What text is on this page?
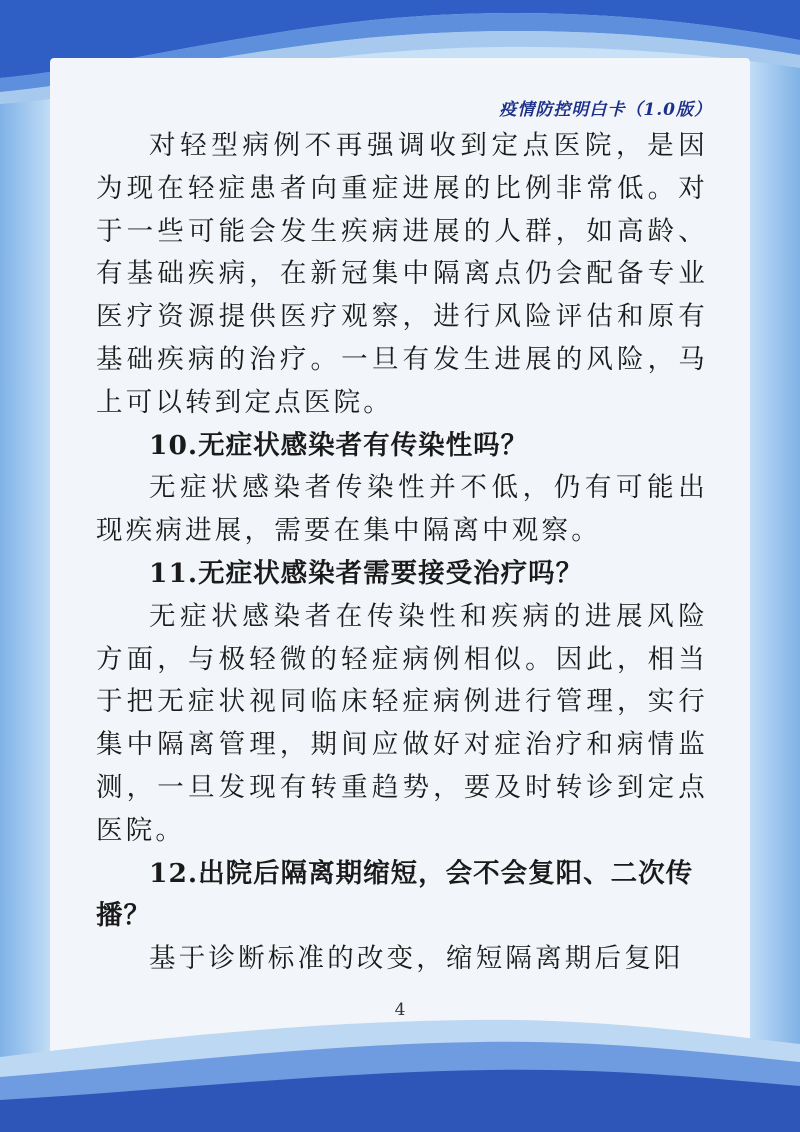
疫情防控明白卡（1.0版）

对轻型病例不再强调收到定点医院，是因为现在轻症患者向重症进展的比例非常低。对于一些可能会发生疾病进展的人群，如高龄、有基础疾病，在新冠集中隔离点仍会配备专业医疗资源提供医疗观察，进行风险评估和原有基础疾病的治疗。一旦有发生进展的风险，马上可以转到定点医院。

10.无症状感染者有传染性吗？

无症状感染者传染性并不低，仍有可能出现疾病进展，需要在集中隔离中观察。

11.无症状感染者需要接受治疗吗？

无症状感染者在传染性和疾病的进展风险方面，与极轻微的轻症病例相似。因此，相当于把无症状视同临床轻症病例进行管理，实行集中隔离管理，期间应做好对症治疗和病情监测，一旦发现有转重趋势，要及时转诊到定点医院。

12.出院后隔离期缩短，会不会复阳、二次传播？

基于诊断标准的改变，缩短隔离期后复阳

4
